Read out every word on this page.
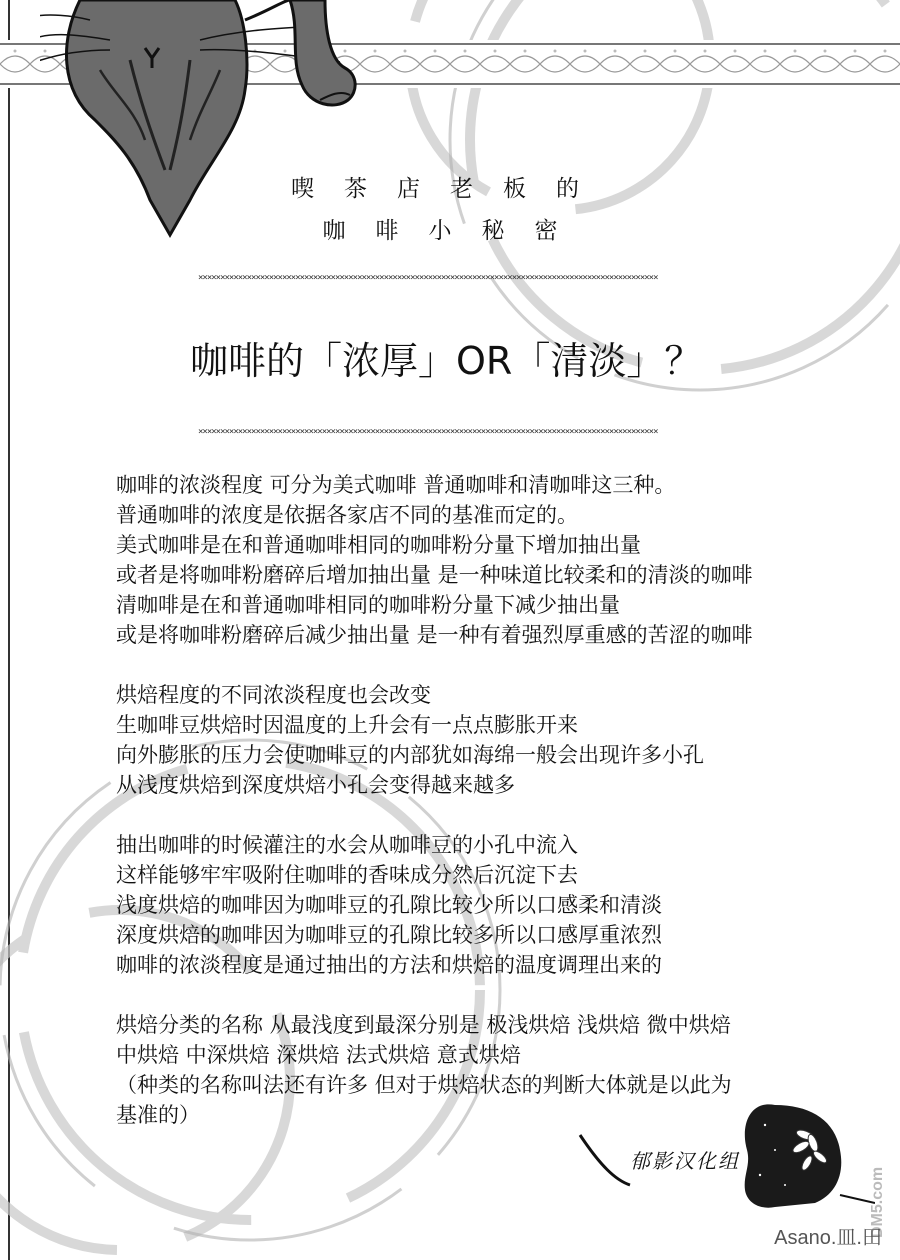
喫茶店老板的
咖啡小秘密
××××××××××××××××××××××××××××××××××××××××××××××××××××××××××××××××××××××××××××××××××××××××××××××××××××××××
咖啡的「浓厚」OR「清淡」？
××××××××××××××××××××××××××××××××××××××××××××××××××××××××××××××××××××××××××××××××××××××××××××××××××××××××
咖啡的浓淡程度 可分为美式咖啡 普通咖啡和清咖啡这三种。
普通咖啡的浓度是依据各家店不同的基准而定的。
美式咖啡是在和普通咖啡相同的咖啡粉分量下增加抽出量
或者是将咖啡粉磨碎后增加抽出量 是一种味道比较柔和的清淡的咖啡
清咖啡是在和普通咖啡相同的咖啡粉分量下减少抽出量
或是将咖啡粉磨碎后减少抽出量 是一种有着强烈厚重感的苦涩的咖啡
烘焙程度的不同浓淡程度也会改变
生咖啡豆烘焙时因温度的上升会有一点点膨胀开来
向外膨胀的压力会使咖啡豆的内部犹如海绵一般会出现许多小孔
从浅度烘焙到深度烘焙小孔会变得越来越多
抽出咖啡的时候灌注的水会从咖啡豆的小孔中流入
这样能够牢牢吸附住咖啡的香味成分然后沉淀下去
浅度烘焙的咖啡因为咖啡豆的孔隙比较少所以口感柔和清淡
深度烘焙的咖啡因为咖啡豆的孔隙比较多所以口感厚重浓烈
咖啡的浓淡程度是通过抽出的方法和烘焙的温度调理出来的
烘焙分类的名称 从最浅度到最深分别是 极浅烘焙 浅烘焙 微中烘焙
中烘焙 中深烘焙 深烘焙 法式烘焙 意式烘焙
（种类的名称叫法还有许多 但对于烘焙状态的判断大体就是以此为
基准的）
郁影汉化组
DM5.com
Asano.皿.田
